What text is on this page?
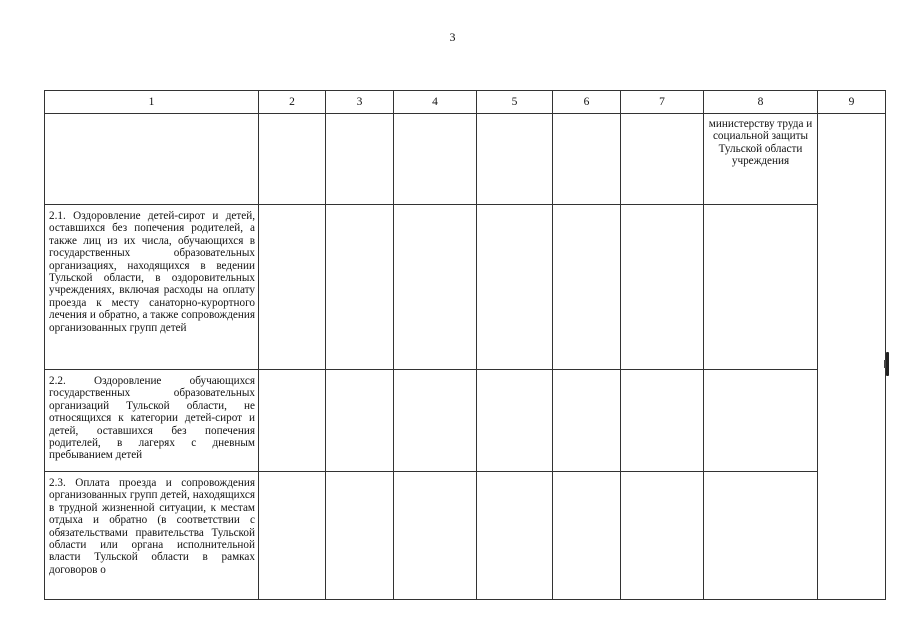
3
1	2	3	4	5	6	7	8	9

							министерству труда и социальной защиты Тульской области учреждения	

2.1. Оздоровление детей-сирот и детей, оставшихся без попечения родителей, а также лиц из их числа, обучающихся в государственных образовательных организациях, находящихся в ведении Тульской области, в оздоровительных учреждениях, включая расходы на оплату проезда к месту санаторно-курортного лечения и обратно, а также сопровождения организованных групп детей								

2.2. Оздоровление обучающихся государственных образовательных организаций Тульской области, не относящихся к категории детей-сирот и детей, оставшихся без попечения родителей, в лагерях с дневным пребыванием детей								

2.3. Оплата проезда и сопровождения организованных групп детей, находящихся в трудной жизненной ситуации, к местам отдыха и обратно (в соответствии с обязательствами правительства Тульской области или органа исполнительной власти Тульской области в рамках договоров о								
